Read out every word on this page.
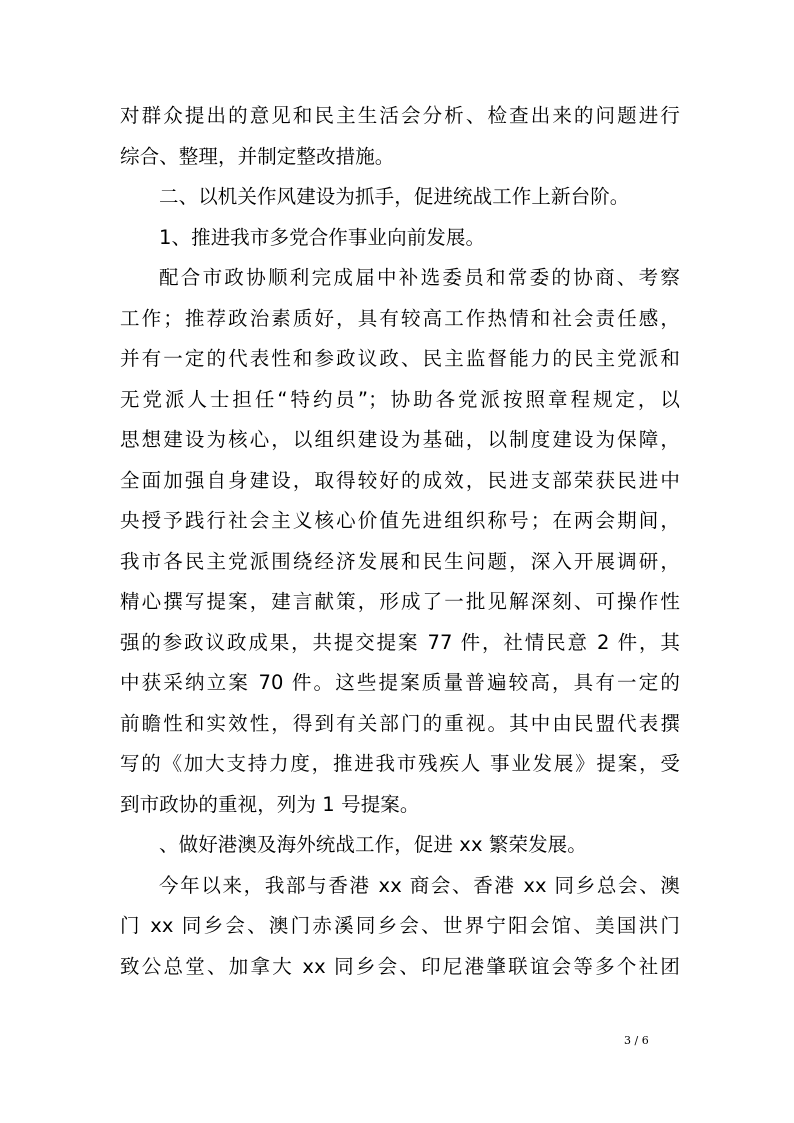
对群众提出的意见和民主生活会分析、检查出来的问题进行
综合、整理，并制定整改措施。
二、以机关作风建设为抓手，促进统战工作上新台阶。
1、推进我市多党合作事业向前发展。
配合市政协顺利完成届中补选委员和常委的协商、考察
工作；推荐政治素质好，具有较高工作热情和社会责任感，
并有一定的代表性和参政议政、民主监督能力的民主党派和
无党派人士担任“特约员”；协助各党派按照章程规定，以
思想建设为核心，以组织建设为基础，以制度建设为保障，
全面加强自身建设，取得较好的成效，民进支部荣获民进中
央授予践行社会主义核心价值先进组织称号；在两会期间，
我市各民主党派围绕经济发展和民生问题，深入开展调研，
精心撰写提案，建言献策，形成了一批见解深刻、可操作性
强的参政议政成果，共提交提案 77 件，社情民意 2 件，其
中获采纳立案 70 件。这些提案质量普遍较高，具有一定的
前瞻性和实效性，得到有关部门的重视。其中由民盟代表撰
写的《加大支持力度，推进我市残疾人 事业发展》提案，受
到市政协的重视，列为 1 号提案。
、做好港澳及海外统战工作，促进 xx 繁荣发展。
今年以来，我部与香港 xx 商会、香港 xx 同乡总会、澳
门 xx 同乡会、澳门赤溪同乡会、世界宁阳会馆、美国洪门
致公总堂、加拿大 xx 同乡会、印尼港肇联谊会等多个社团
3 / 6
